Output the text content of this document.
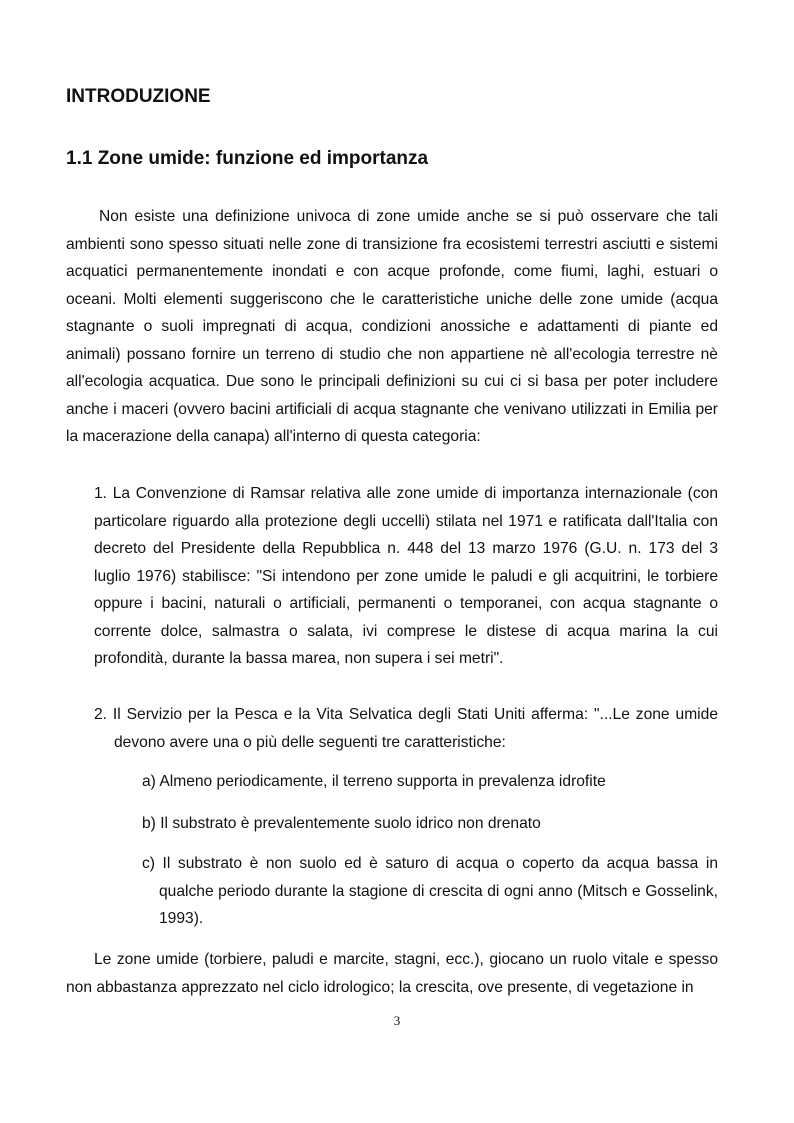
INTRODUZIONE
1.1 Zone umide: funzione ed importanza

Non esiste una definizione univoca di zone umide anche se si può osservare che tali ambienti sono spesso situati nelle zone di transizione fra ecosistemi terrestri asciutti e sistemi acquatici permanentemente inondati e con acque profonde, come fiumi, laghi, estuari o oceani. Molti elementi suggeriscono che le caratteristiche uniche delle zone umide (acqua stagnante o suoli impregnati di acqua, condizioni anossiche e adattamenti di piante ed animali) possano fornire un terreno di studio che non appartiene nè all'ecologia terrestre nè all'ecologia acquatica. Due sono le principali definizioni su cui ci si basa per poter includere anche i maceri (ovvero bacini artificiali di acqua stagnante che venivano utilizzati in Emilia per la macerazione della canapa) all'interno di questa categoria:

1. La Convenzione di Ramsar relativa alle zone umide di importanza internazionale (con particolare riguardo alla protezione degli uccelli) stilata nel 1971 e ratificata dall'Italia con decreto del Presidente della Repubblica n. 448 del 13 marzo 1976 (G.U. n. 173 del 3 luglio 1976) stabilisce: "Si intendono per zone umide le paludi e gli acquitrini, le torbiere oppure i bacini, naturali o artificiali, permanenti o temporanei, con acqua stagnante o corrente dolce, salmastra o salata, ivi comprese le distese di acqua marina la cui profondità, durante la bassa marea, non supera i sei metri".

2. Il Servizio per la Pesca e la Vita Selvatica degli Stati Uniti afferma: "...Le zone umide devono avere una o più delle seguenti tre caratteristiche:

a) Almeno periodicamente, il terreno supporta in prevalenza idrofite

b) Il substrato è prevalentemente suolo idrico non drenato

c) Il substrato è non suolo ed è saturo di acqua o coperto da acqua bassa in qualche periodo durante la stagione di crescita di ogni anno (Mitsch e Gosselink, 1993).

Le zone umide (torbiere, paludi e marcite, stagni, ecc.), giocano un ruolo vitale e spesso non abbastanza apprezzato nel ciclo idrologico; la crescita, ove presente, di vegetazione in

3
